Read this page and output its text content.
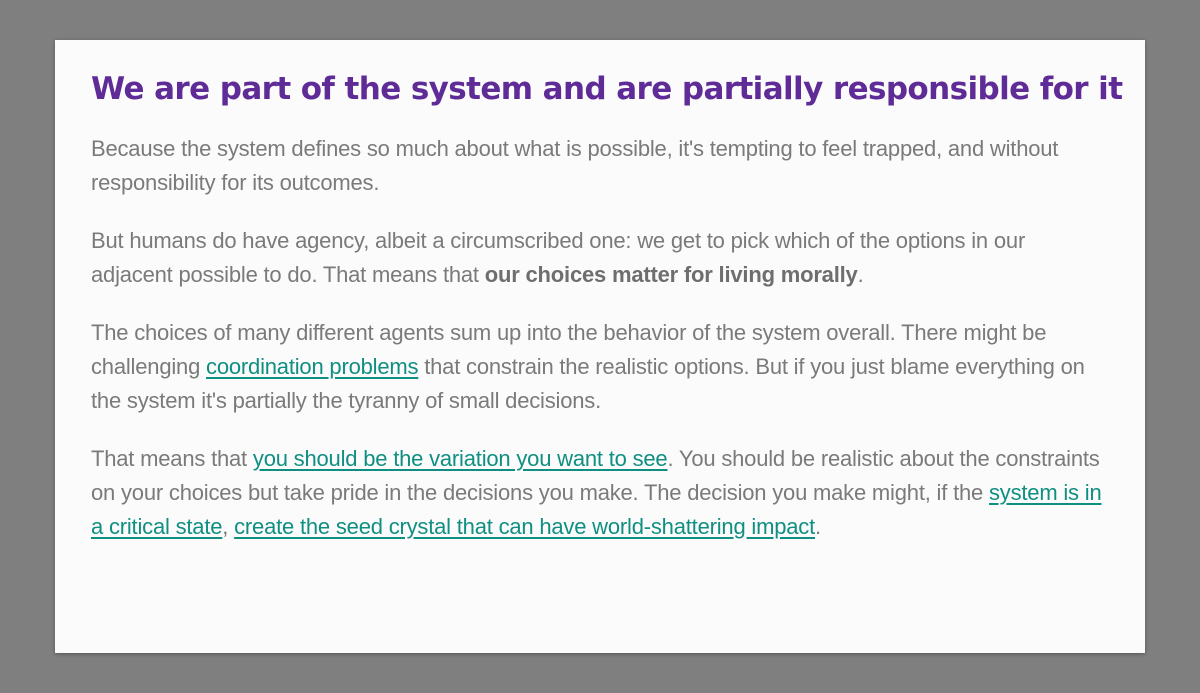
We are part of the system and are partially responsible for it

Because the system defines so much about what is possible, it's tempting to feel trapped, and without responsibility for its outcomes.

But humans do have agency, albeit a circumscribed one: we get to pick which of the options in our adjacent possible to do. That means that our choices matter for living morally.

The choices of many different agents sum up into the behavior of the system overall. There might be challenging coordination problems that constrain the realistic options. But if you just blame everything on the system it's partially the tyranny of small decisions.

That means that you should be the variation you want to see. You should be realistic about the constraints on your choices but take pride in the decisions you make. The decision you make might, if the system is in a critical state, create the seed crystal that can have world-shattering impact.
